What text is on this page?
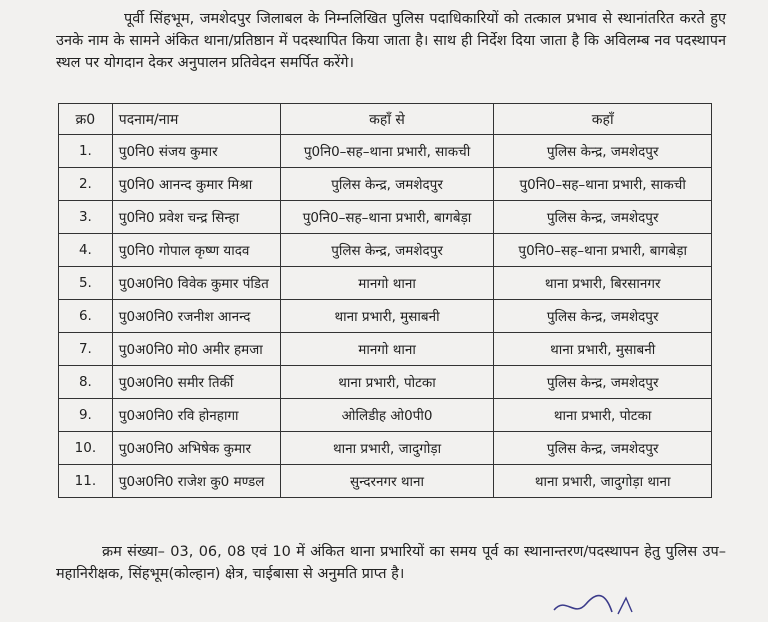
पूर्वी सिंहभूम, जमशेदपुर जिलाबल के निम्नलिखित पुलिस पदाधिकारियों को तत्काल प्रभाव से स्थानांतरित करते हुए उनके नाम के सामने अंकित थाना/प्रतिष्ठान में पदस्थापित किया जाता है। साथ ही निर्देश दिया जाता है कि अविलम्ब नव पदस्थापन स्थल पर योगदान देकर अनुपालन प्रतिवेदन समर्पित करेंगे।

क्र0	पदनाम/नाम	कहाँ से	कहाँ
1.	पु0नि0 संजय कुमार	पु0नि0–सह–थाना प्रभारी, साकची	पुलिस केन्द्र, जमशेदपुर
2.	पु0नि0 आनन्द कुमार मिश्रा	पुलिस केन्द्र, जमशेदपुर	पु0नि0–सह–थाना प्रभारी, साकची
3.	पु0नि0 प्रवेश चन्द्र सिन्हा	पु0नि0–सह–थाना प्रभारी, बागबेड़ा	पुलिस केन्द्र, जमशेदपुर
4.	पु0नि0 गोपाल कृष्ण यादव	पुलिस केन्द्र, जमशेदपुर	पु0नि0–सह–थाना प्रभारी, बागबेड़ा
5.	पु0अ0नि0 विवेक कुमार पंडित	मानगो थाना	थाना प्रभारी, बिरसानगर
6.	पु0अ0नि0 रजनीश आनन्द	थाना प्रभारी, मुसाबनी	पुलिस केन्द्र, जमशेदपुर
7.	पु0अ0नि0 मो0 अमीर हमजा	मानगो थाना	थाना प्रभारी, मुसाबनी
8.	पु0अ0नि0 समीर तिर्की	थाना प्रभारी, पोटका	पुलिस केन्द्र, जमशेदपुर
9.	पु0अ0नि0 रवि होनहागा	ओलिडीह ओ0पी0	थाना प्रभारी, पोटका
10.	पु0अ0नि0 अभिषेक कुमार	थाना प्रभारी, जादुगोड़ा	पुलिस केन्द्र, जमशेदपुर
11.	पु0अ0नि0 राजेश कु0 मण्डल	सुन्दरनगर थाना	थाना प्रभारी, जादुगोड़ा थाना

क्रम संख्या– 03, 06, 08 एवं 10 में अंकित थाना प्रभारियों का समय पूर्व का स्थानान्तरण/पदस्थापन हेतु पुलिस उप–महानिरीक्षक, सिंहभूम(कोल्हान) क्षेत्र, चाईबासा से अनुमति प्राप्त है।
